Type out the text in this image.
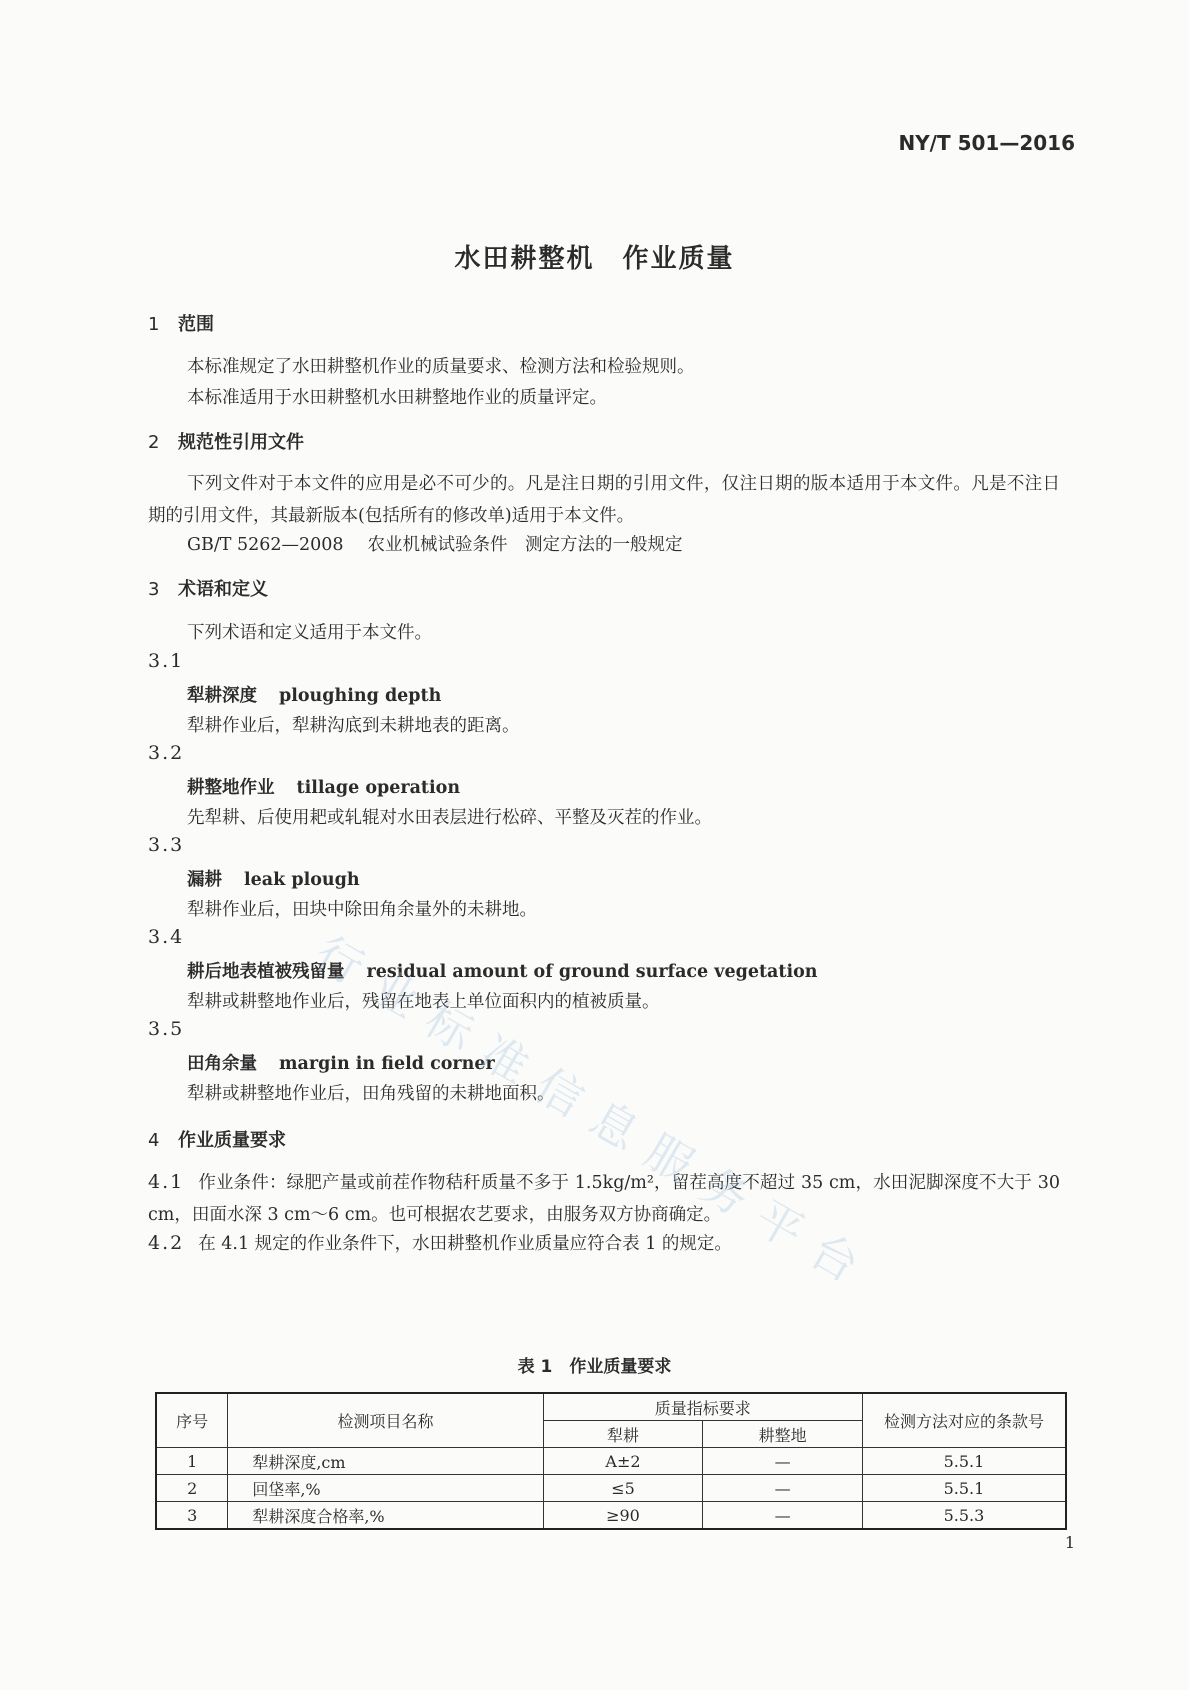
NY/T 501—2016
水田耕整机　作业质量
1 范围
本标准规定了水田耕整机作业的质量要求、检测方法和检验规则。
本标准适用于水田耕整机水田耕整地作业的质量评定。
2 规范性引用文件
下列文件对于本文件的应用是必不可少的。凡是注日期的引用文件，仅注日期的版本适用于本文件。凡是不注日期的引用文件，其最新版本(包括所有的修改单)适用于本文件。
GB/T 5262—2008 农业机械试验条件　测定方法的一般规定
3 术语和定义
下列术语和定义适用于本文件。
3.1
犁耕深度 ploughing depth
犁耕作业后，犁耕沟底到未耕地表的距离。
3.2
耕整地作业 tillage operation
先犁耕、后使用耙或轧辊对水田表层进行松碎、平整及灭茬的作业。
3.3
漏耕 leak plough
犁耕作业后，田块中除田角余量外的未耕地。
3.4
耕后地表植被残留量 residual amount of ground surface vegetation
犁耕或耕整地作业后，残留在地表上单位面积内的植被质量。
3.5
田角余量 margin in field corner
犁耕或耕整地作业后，田角残留的未耕地面积。
4 作业质量要求
4.1 作业条件：绿肥产量或前茬作物秸秆质量不多于 1.5kg/m²，留茬高度不超过 35 cm，水田泥脚深度不大于 30 cm，田面水深 3 cm～6 cm。也可根据农艺要求，由服务双方协商确定。
4.2 在 4.1 规定的作业条件下，水田耕整机作业质量应符合表 1 的规定。
表 1　作业质量要求
序号	检测项目名称	质量指标要求		检测方法对应的条款号
		犁耕	耕整地	
1	犁耕深度,cm	A±2	—	5.5.1
2	回垡率,%	≤5	—	5.5.1
3	犁耕深度合格率,%	≥90	—	5.5.3
1
行
业
标
准
信
息
服
务
平
台
